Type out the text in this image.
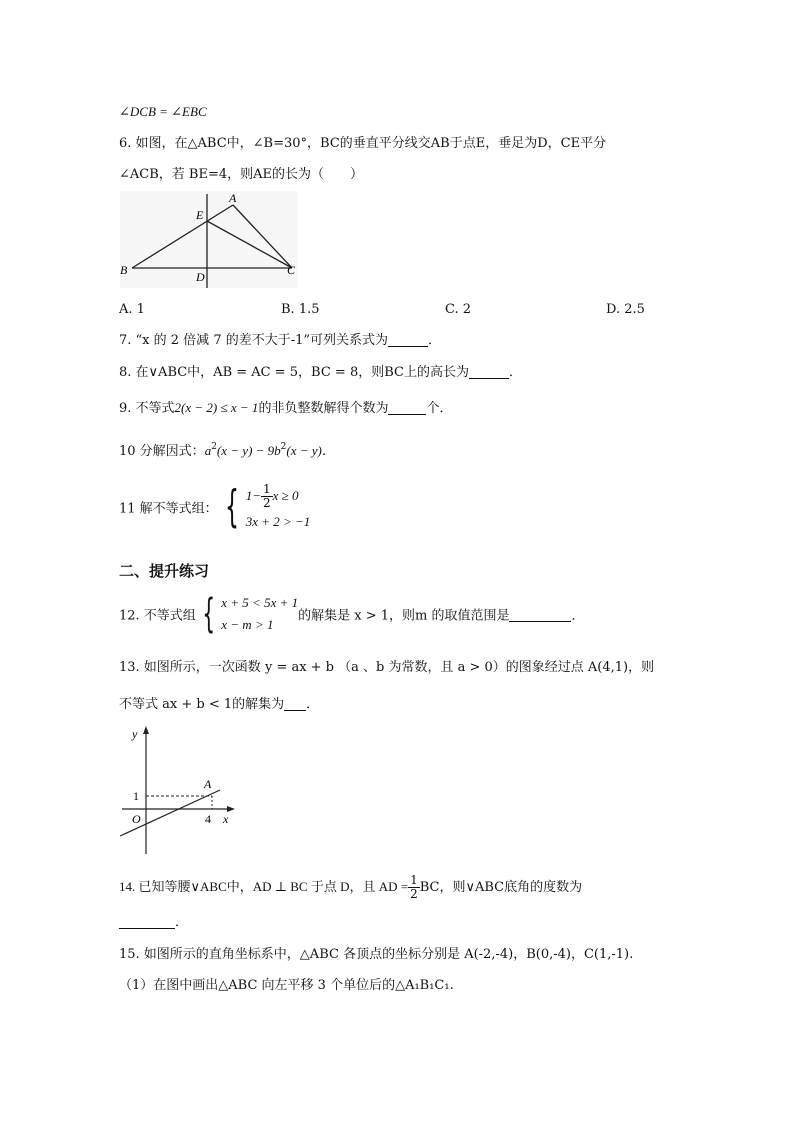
∠DCB = ∠EBC
6. 如图，在△ABC中，∠B=30°，BC的垂直平分线交AB于点E，垂足为D，CE平分
∠ACB，若 BE=4，则AE的长为（　　）
A
B	C
D
E
A. 1	B. 1.5	C. 2	D. 2.5
7. “x 的 2 倍减 7 的差不大于-1”可列关系式为	．
8. 在∨ABC中，AB = AC = 5，BC = 8，则BC上的高长为	．
9. 不等式2(x − 2) ≤ x − 1的非负整数解得个数为	个．
10 分解因式：$a^2(x - y) - 9b^2(x - y)$．
11 解不等式组： { $1- \frac{1}{2}$ x ≥ 0
3x + 2 > −1
二、提升练习
12. 不等式组 { x + 5 < 5x + 1
x − m > 1
的解集是 x > 1，则m 的取值范围是	．
13. 如图所示，一次函数 y = ax + b （a 、b 为常数，且 a > 0）的图象经过点 A(4,1)，则
不等式 ax + b < 1的解集为 ．
y
x
O
1
4
A
14. 已知等腰∨ABC中，AD ⊥ BC 于点 D，且 AD = $\frac{1}{2}$ BC，则∨ABC底角的度数为
．
15. 如图所示的直角坐标系中，△ABC 各顶点的坐标分别是 A(-2,-4)，B(0,-4)，C(1,-1).
（1）在图中画出△ABC 向左平移 3 个单位后的△A₁B₁C₁.
